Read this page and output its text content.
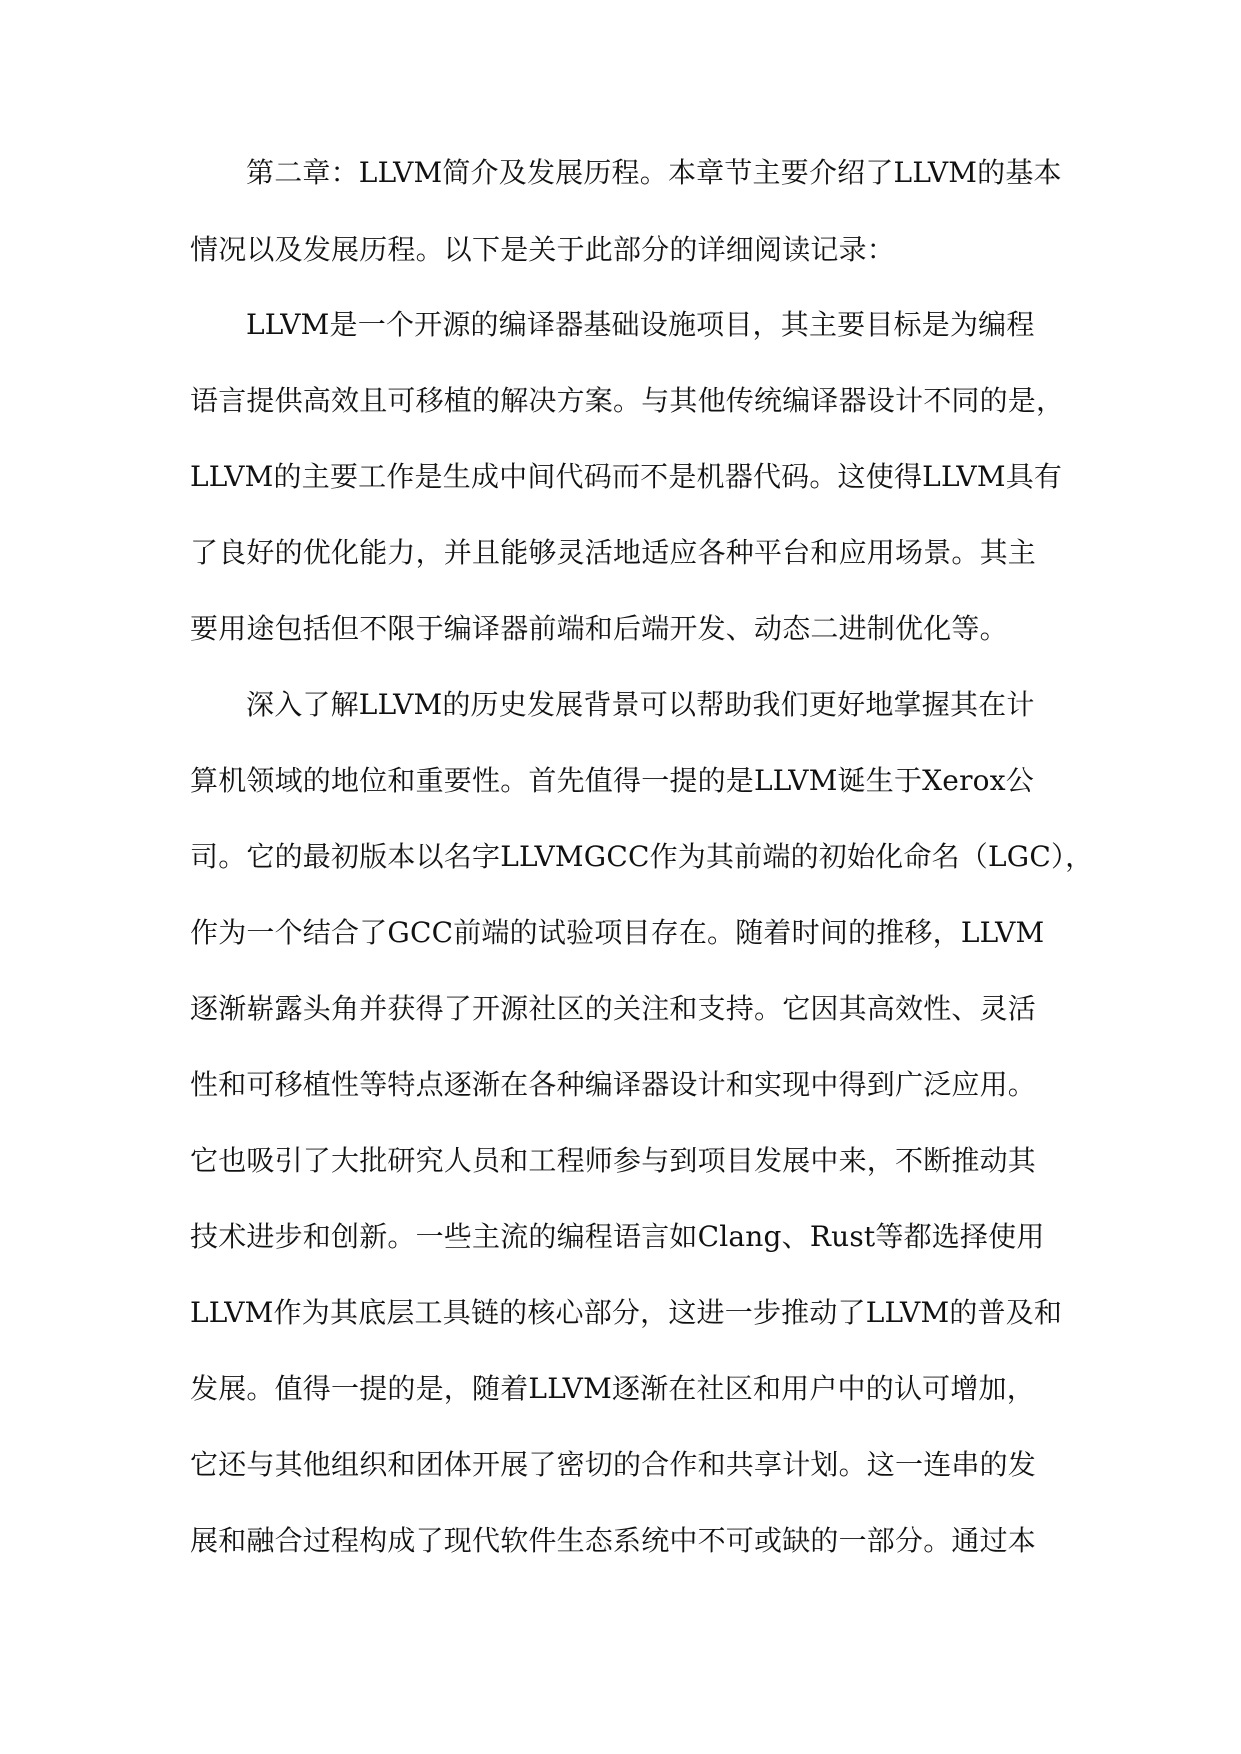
第二章：LLVM简介及发展历程。本章节主要介绍了LLVM的基本
情况以及发展历程。以下是关于此部分的详细阅读记录：
LLVM是一个开源的编译器基础设施项目，其主要目标是为编程
语言提供高效且可移植的解决方案。与其他传统编译器设计不同的是，
LLVM的主要工作是生成中间代码而不是机器代码。这使得LLVM具有
了良好的优化能力，并且能够灵活地适应各种平台和应用场景。其主
要用途包括但不限于编译器前端和后端开发、动态二进制优化等。
深入了解LLVM的历史发展背景可以帮助我们更好地掌握其在计
算机领域的地位和重要性。首先值得一提的是LLVM诞生于Xerox公
司。它的最初版本以名字LLVMGCC作为其前端的初始化命名（LGC），
作为一个结合了GCC前端的试验项目存在。随着时间的推移，LLVM
逐渐崭露头角并获得了开源社区的关注和支持。它因其高效性、灵活
性和可移植性等特点逐渐在各种编译器设计和实现中得到广泛应用。
它也吸引了大批研究人员和工程师参与到项目发展中来，不断推动其
技术进步和创新。一些主流的编程语言如Clang、Rust等都选择使用
LLVM作为其底层工具链的核心部分，这进一步推动了LLVM的普及和
发展。值得一提的是，随着LLVM逐渐在社区和用户中的认可增加，
它还与其他组织和团体开展了密切的合作和共享计划。这一连串的发
展和融合过程构成了现代软件生态系统中不可或缺的一部分。通过本
